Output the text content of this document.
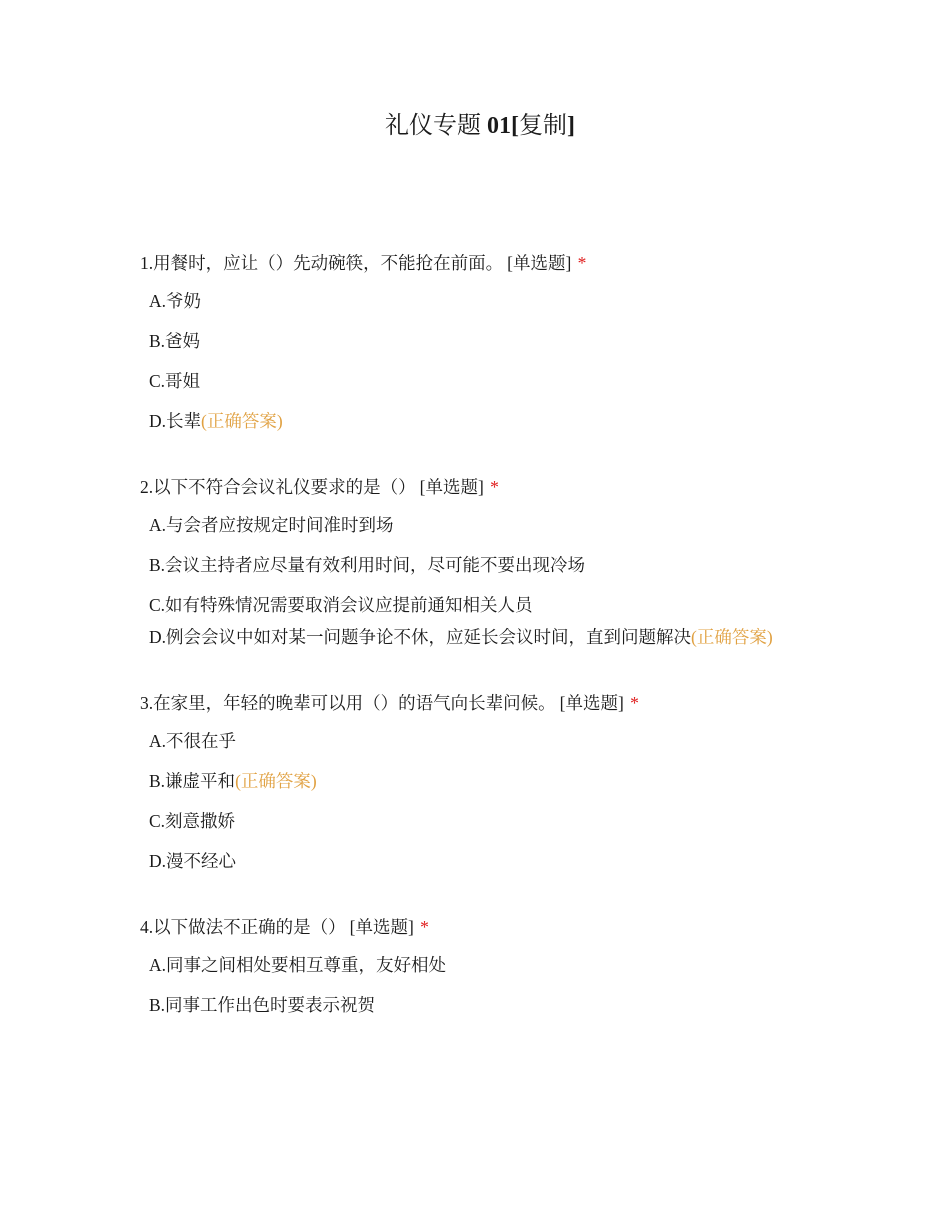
礼仪专题 01[复制]
1.用餐时，应让（）先动碗筷，不能抢在前面。 [单选题] *
A.爷奶
B.爸妈
C.哥姐
D.长辈(正确答案)
2.以下不符合会议礼仪要求的是（） [单选题] *
A.与会者应按规定时间准时到场
B.会议主持者应尽量有效利用时间，尽可能不要出现冷场
C.如有特殊情况需要取消会议应提前通知相关人员
D.例会会议中如对某一问题争论不休，应延长会议时间，直到问题解决(正确答案)
3.在家里，年轻的晚辈可以用（）的语气向长辈问候。 [单选题] *
A.不很在乎
B.谦虚平和(正确答案)
C.刻意撒娇
D.漫不经心
4.以下做法不正确的是（） [单选题] *
A.同事之间相处要相互尊重，友好相处
B.同事工作出色时要表示祝贺
